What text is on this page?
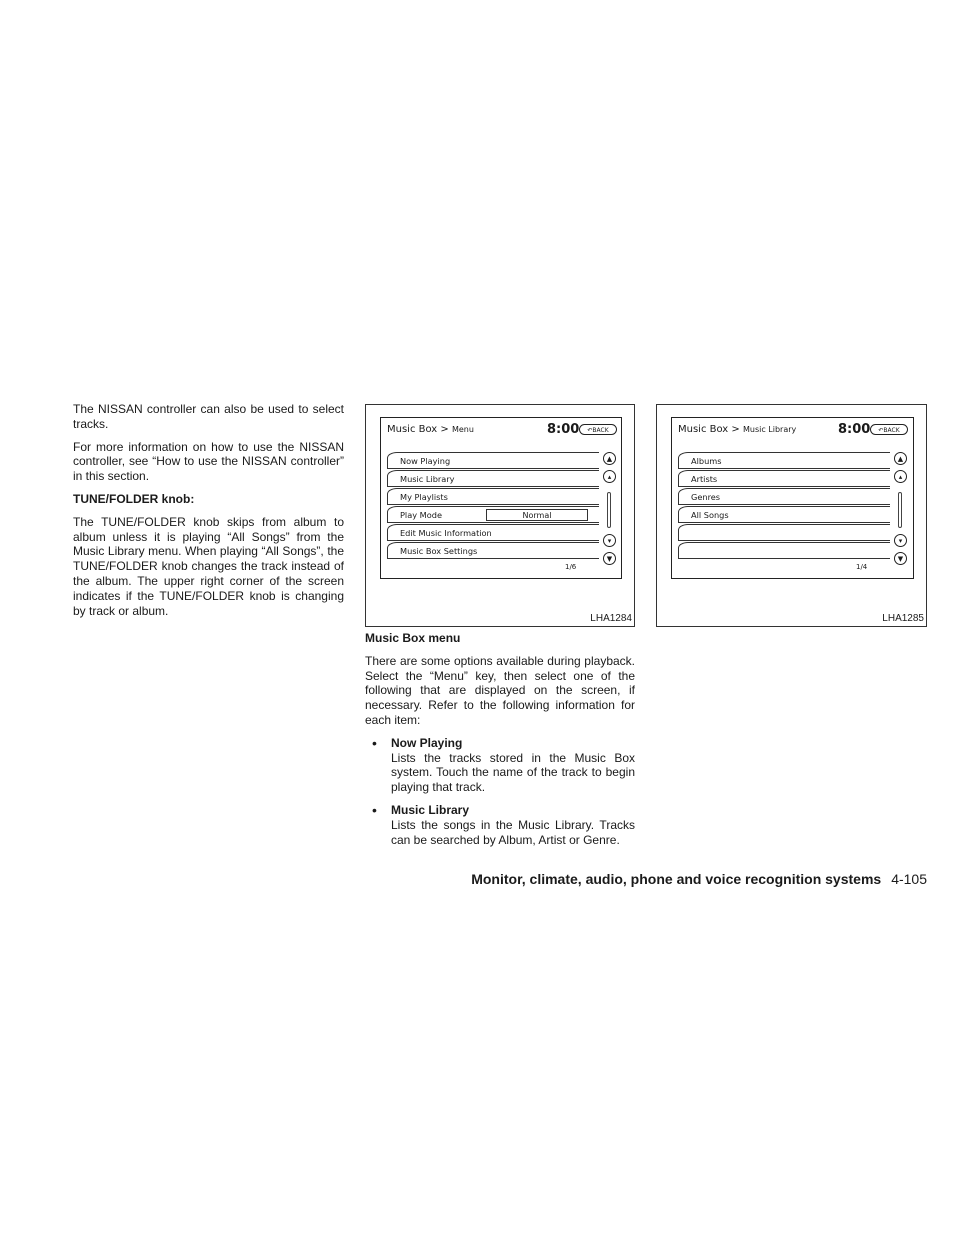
The NISSAN controller can also be used to select tracks.

For more information on how to use the NISSAN controller, see “How to use the NISSAN controller” in this section.

TUNE/FOLDER knob:

The TUNE/FOLDER knob skips from album to album unless it is playing “All Songs” from the Music Library menu. When playing “All Songs”, the TUNE/FOLDER knob changes the track instead of the album. The upper right corner of the screen indicates if the TUNE/FOLDER knob is changing by track or album.

Music Box > Menu	8:00	↶BACK
Now Playing
Music Library
My Playlists
Play Mode	Normal
Edit Music Information
Music Box Settings
▲
▴
▾
▼
1/6
LHA1284
Music Box > Music Library	8:00	↶BACK
Albums
Artists
Genres
All Songs
▲
▴
▾
▼
1/4
LHA1285
Music Box menu

There are some options available during playback. Select the “Menu” key, then select one of the following that are displayed on the screen, if necessary. Refer to the following information for each item:

• Now Playing
Lists the tracks stored in the Music Box system. Touch the name of the track to begin playing that track.
• Music Library
Lists the songs in the Music Library. Tracks can be searched by Album, Artist or Genre.
Monitor, climate, audio, phone and voice recognition systems 4-105
